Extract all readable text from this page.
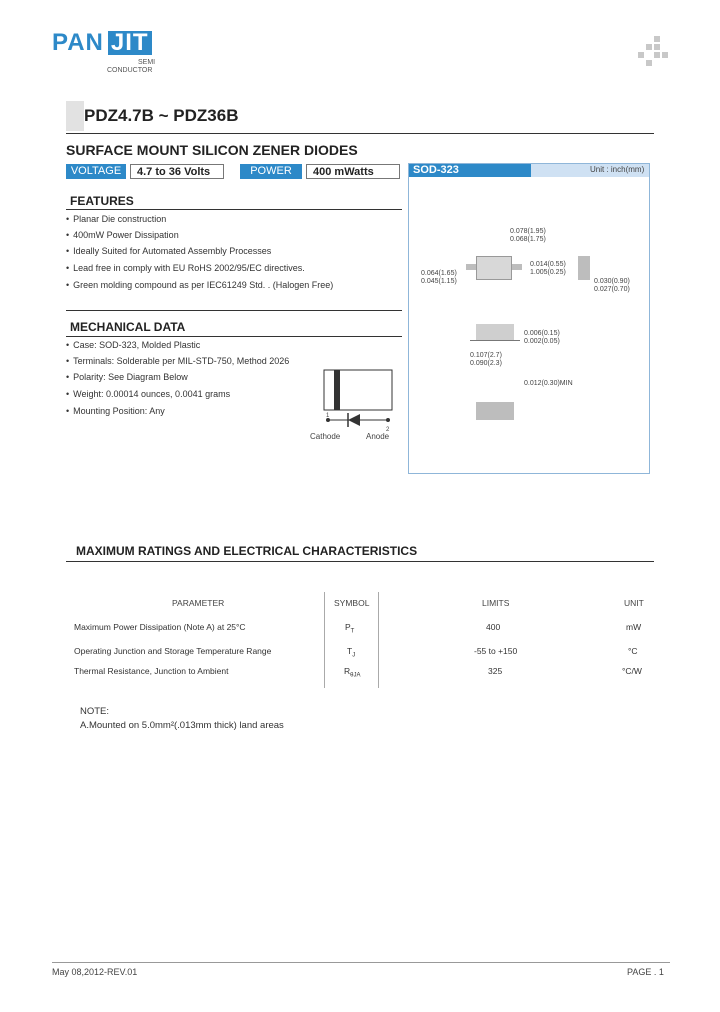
PAN JIT
SEMI
CONDUCTOR
PDZ4.7B ~ PDZ36B
SURFACE MOUNT SILICON ZENER DIODES
VOLTAGE	4.7 to 36 Volts	POWER	400 mWatts
FEATURES
• Planar Die construction
• 400mW Power Dissipation
• Ideally Suited for Automated Assembly Processes
• Lead free in comply with EU RoHS 2002/95/EC directives.
• Green molding compound as per IEC61249 Std. . (Halogen Free)
MECHANICAL DATA
• Case: SOD-323, Molded Plastic
• Terminals: Solderable per MIL-STD-750, Method 2026
• Polarity: See Diagram Below
• Weight: 0.00014 ounces, 0.0041 grams
• Mounting Position: Any	1
2
Cathode	Anode
SOD-323	Unit : inch(mm)
0.078(1.95)
0.068(1.75)
0.014(0.55)
1.005(0.25)
0.064(1.65)
0.045(1.15)	0.030(0.90)
0.027(0.70)
0.006(0.15)
0.002(0.05)
0.107(2.7)
0.090(2.3)
0.012(0.30)MIN
MAXIMUM RATINGS AND ELECTRICAL CHARACTERISTICS
PARAMETER	SYMBOL	LIMITS	UNIT
Maximum Power Dissipation (Note A) at 25°C	$P_T$	400	mW
Operating Junction and Storage Temperature Range	$T_J$	-55 to +150	°C
Thermal Resistance, Junction to Ambient	$R_{\theta JA}$	325	°C/W
NOTE:
A.Mounted on 5.0mm²(.013mm thick) land areas
May 08,2012-REV.01	PAGE . 1
